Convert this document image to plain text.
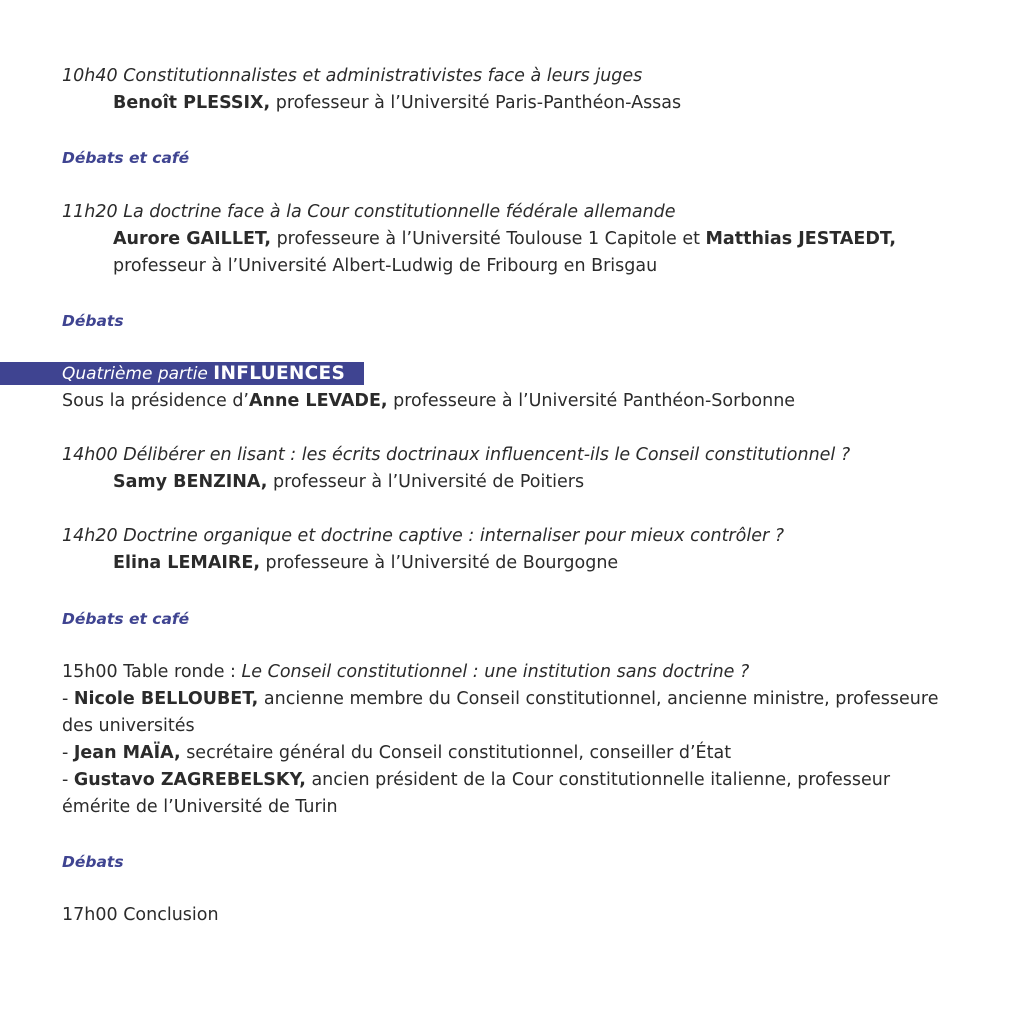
10h40 Constitutionnalistes et administrativistes face à leurs juges

Benoît PLESSIX, professeur à l’Université Paris-Panthéon-Assas

Débats et café

11h20 La doctrine face à la Cour constitutionnelle fédérale allemande

Aurore GAILLET, professeure à l’Université Toulouse 1 Capitole et Matthias JESTAEDT, professeur à l’Université Albert-Ludwig de Fribourg en Brisgau

Débats

Quatrième partie INFLUENCES

Sous la présidence d’Anne LEVADE, professeure à l’Université Panthéon-Sorbonne

14h00 Délibérer en lisant : les écrits doctrinaux influencent-ils le Conseil constitutionnel ?

Samy BENZINA, professeur à l’Université de Poitiers

14h20 Doctrine organique et doctrine captive : internaliser pour mieux contrôler ?

Elina LEMAIRE, professeure à l’Université de Bourgogne

Débats et café

15h00 Table ronde : Le Conseil constitutionnel : une institution sans doctrine ?

- Nicole BELLOUBET, ancienne membre du Conseil constitutionnel, ancienne ministre, professeure des universités

- Jean MAÏA, secrétaire général du Conseil constitutionnel, conseiller d’État

- Gustavo ZAGREBELSKY, ancien président de la Cour constitutionnelle italienne, professeur émérite de l’Université de Turin

Débats

17h00 Conclusion
